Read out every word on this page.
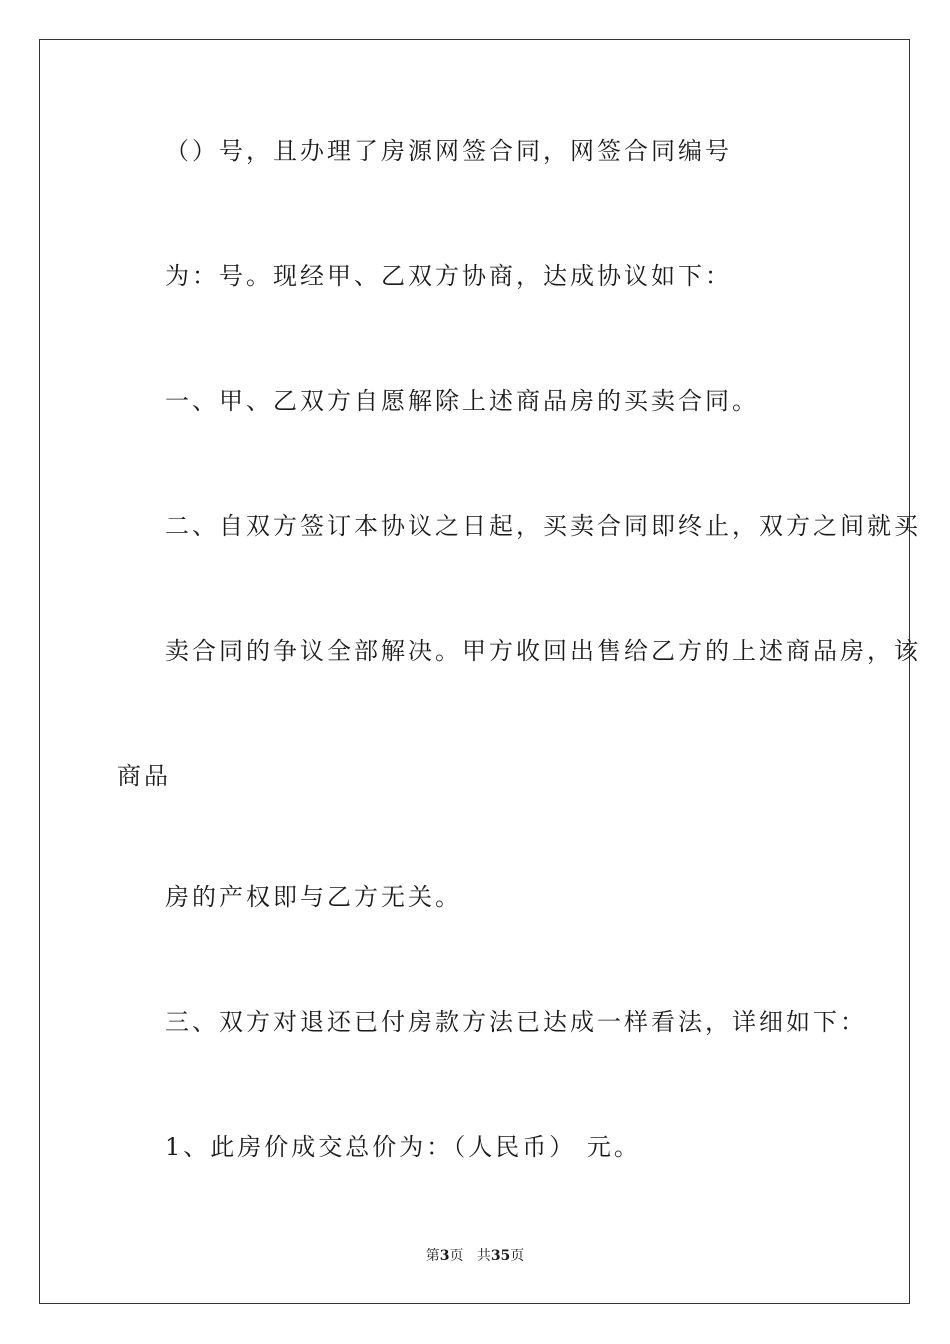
（）号，且办理了房源网签合同，网签合同编号
为：号。现经甲、乙双方协商，达成协议如下：
一、甲、乙双方自愿解除上述商品房的买卖合同。
二、自双方签订本协议之日起，买卖合同即终止，双方之间就买
卖合同的争议全部解决。甲方收回出售给乙方的上述商品房，该
商品
房的产权即与乙方无关。
三、双方对退还已付房款方法已达成一样看法，详细如下：
1、此房价成交总价为：（人民币） 元。
第3页 共35页
